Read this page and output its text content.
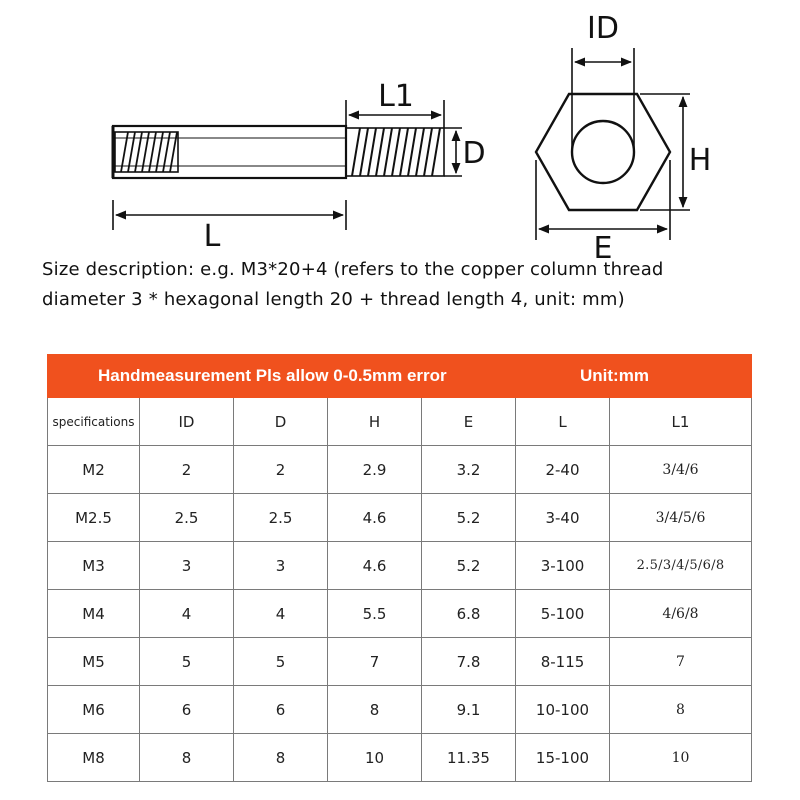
L
L1
D
ID
H
E
Size description: e.g. M3*20+4 (refers to the copper column thread
diameter 3 * hexagonal length 20 + thread length 4, unit: mm)
Handmeasurement Pls allow 0-0.5mm error Unit:mm						

specifications	ID	D	H	E	L	L1
M2	2	2	2.9	3.2	2-40	3/4/6
M2.5	2.5	2.5	4.6	5.2	3-40	3/4/5/6
M3	3	3	4.6	5.2	3-100	2.5/3/4/5/6/8
M4	4	4	5.5	6.8	5-100	4/6/8
M5	5	5	7	7.8	8-115	7
M6	6	6	8	9.1	10-100	8
M8	8	8	10	11.35	15-100	10
